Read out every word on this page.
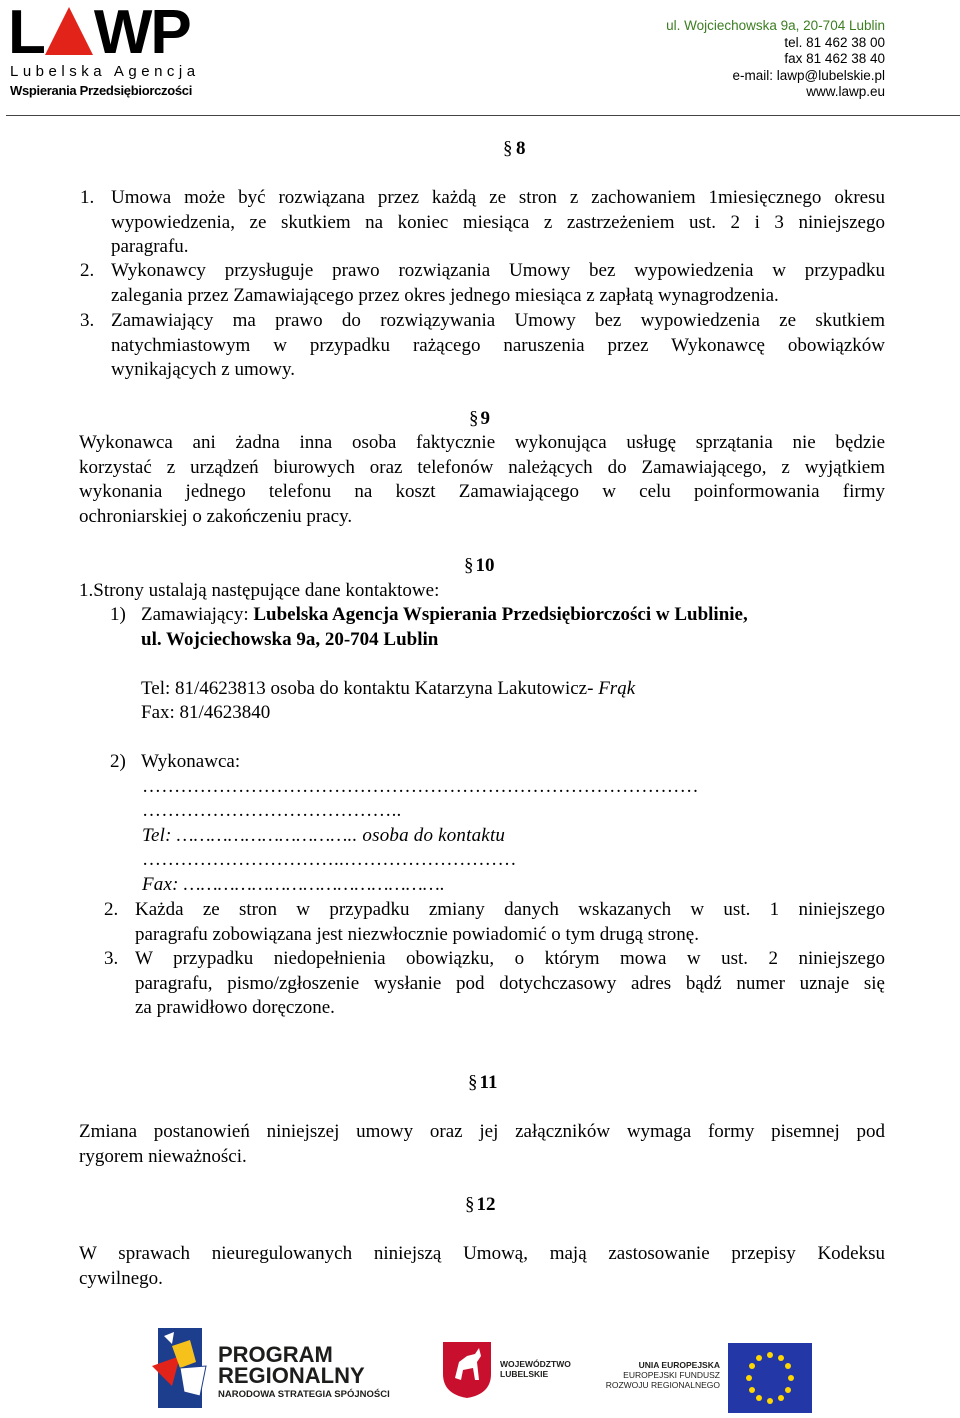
L WP
Lubelska Agencja
Wspierania Przedsiębiorczości
ul. Wojciechowska 9a, 20-704 Lublin
tel. 81 462 38 00
fax 81 462 38 40
e-mail: lawp@lubelskie.pl
www.lawp.eu
§ 8
1. Umowa może być rozwiązana przez każdą ze stron z zachowaniem 1miesięcznego okresu
wypowiedzenia, ze skutkiem na koniec miesiąca z zastrzeżeniem ust. 2 i 3 niniejszego
paragrafu.
2. Wykonawcy przysługuje prawo rozwiązania Umowy bez wypowiedzenia w przypadku
zalegania przez Zamawiającego przez okres jednego miesiąca z zapłatą wynagrodzenia.
3. Zamawiający ma prawo do rozwiązywania Umowy bez wypowiedzenia ze skutkiem
natychmiastowym w przypadku rażącego naruszenia przez Wykonawcę obowiązków
wynikających z umowy.
§ 9
Wykonawca ani żadna inna osoba faktycznie wykonująca usługę sprzątania nie będzie
korzystać z urządzeń biurowych oraz telefonów należących do Zamawiającego, z wyjątkiem
wykonania jednego telefonu na koszt Zamawiającego w celu poinformowania firmy
ochroniarskiej o zakończeniu pracy.
§ 10
1.Strony ustalają następujące dane kontaktowe:
1) Zamawiający: Lubelska Agencja Wspierania Przedsiębiorczości w Lublinie,
ul. Wojciechowska 9a, 20-704 Lublin
Tel: 81/4623813 osoba do kontaktu Katarzyna Lakutowicz- Frąk
Fax: 81/4623840
2) Wykonawca:
……………………………………………………………………………
…………………………………..
Tel: ………………………….. osoba do kontaktu
…………………………..………………………
Fax: ……………………………………….
2. Każda ze stron w przypadku zmiany danych wskazanych w ust. 1 niniejszego
paragrafu zobowiązana jest niezwłocznie powiadomić o tym drugą stronę.
3. W przypadku niedopełnienia obowiązku, o którym mowa w ust. 2 niniejszego
paragrafu, pismo/zgłoszenie wysłanie pod dotychczasowy adres bądź numer uznaje się
za prawidłowo doręczone.
§ 11
Zmiana postanowień niniejszej umowy oraz jej załączników wymaga formy pisemnej pod
rygorem nieważności.
§ 12
W sprawach nieuregulowanych niniejszą Umową, mają zastosowanie przepisy Kodeksu
cywilnego.
PROGRAM
REGIONALNY
NARODOWA STRATEGIA SPÓJNOŚCI
WOJEWÓDZTWO
LUBELSKIE
UNIA EUROPEJSKA
EUROPEJSKI FUNDUSZ
ROZWOJU REGIONALNEGO
